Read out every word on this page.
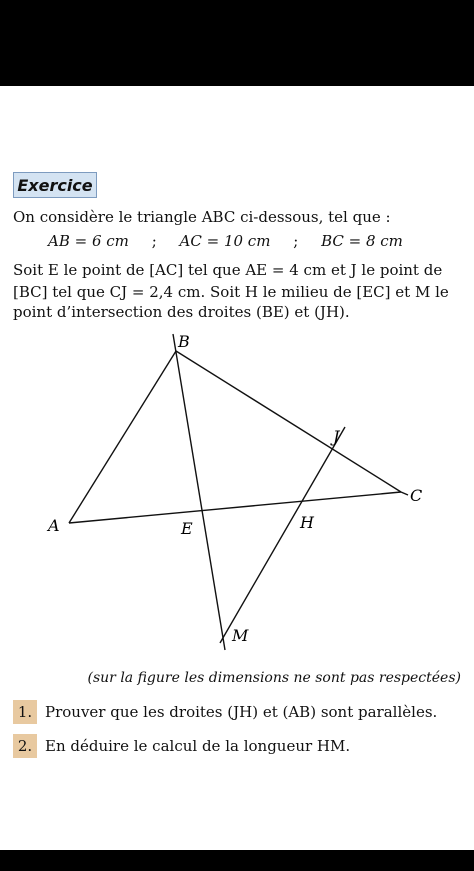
Exercice
On considère le triangle ABC ci-dessous, tel que :
AB = 6 cm ; AC = 10 cm ; BC = 8 cm
Soit E le point de [AC] tel que AE = 4 cm et J le point de
[BC] tel que CJ = 2,4 cm. Soit H le milieu de [EC] et M le
point d’intersection des droites (BE) et (JH).
B
A
C
E	H
J
M
(sur la figure les dimensions ne sont pas respectées)
1. Prouver que les droites (JH) et (AB) sont parallèles.
2. En déduire le calcul de la longueur HM.
